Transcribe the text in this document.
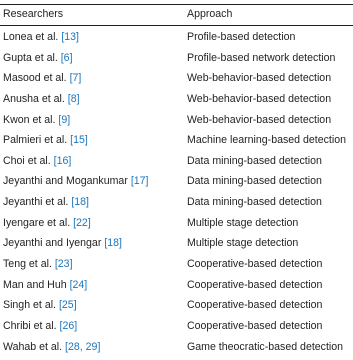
Researchers	Approach
Lonea et al. [13]	Profile-based detection
Gupta et al. [6]	Profile-based network detection
Masood et al. [7]	Web-behavior-based detection
Anusha et al. [8]	Web-behavior-based detection
Kwon et al. [9]	Web-behavior-based detection
Palmieri et al. [15]	Machine learning-based detection
Choi et al. [16]	Data mining-based detection
Jeyanthi and Mogankumar [17]	Data mining-based detection
Jeyanthi et al. [18]	Data mining-based detection
Iyengare et al. [22]	Multiple stage detection
Jeyanthi and Iyengar [18]	Multiple stage detection
Teng et al. [23]	Cooperative-based detection
Man and Huh [24]	Cooperative-based detection
Singh et al. [25]	Cooperative-based detection
Chribi et al. [26]	Cooperative-based detection
Wahab et al. [28, 29]	Game theocratic-based detection
